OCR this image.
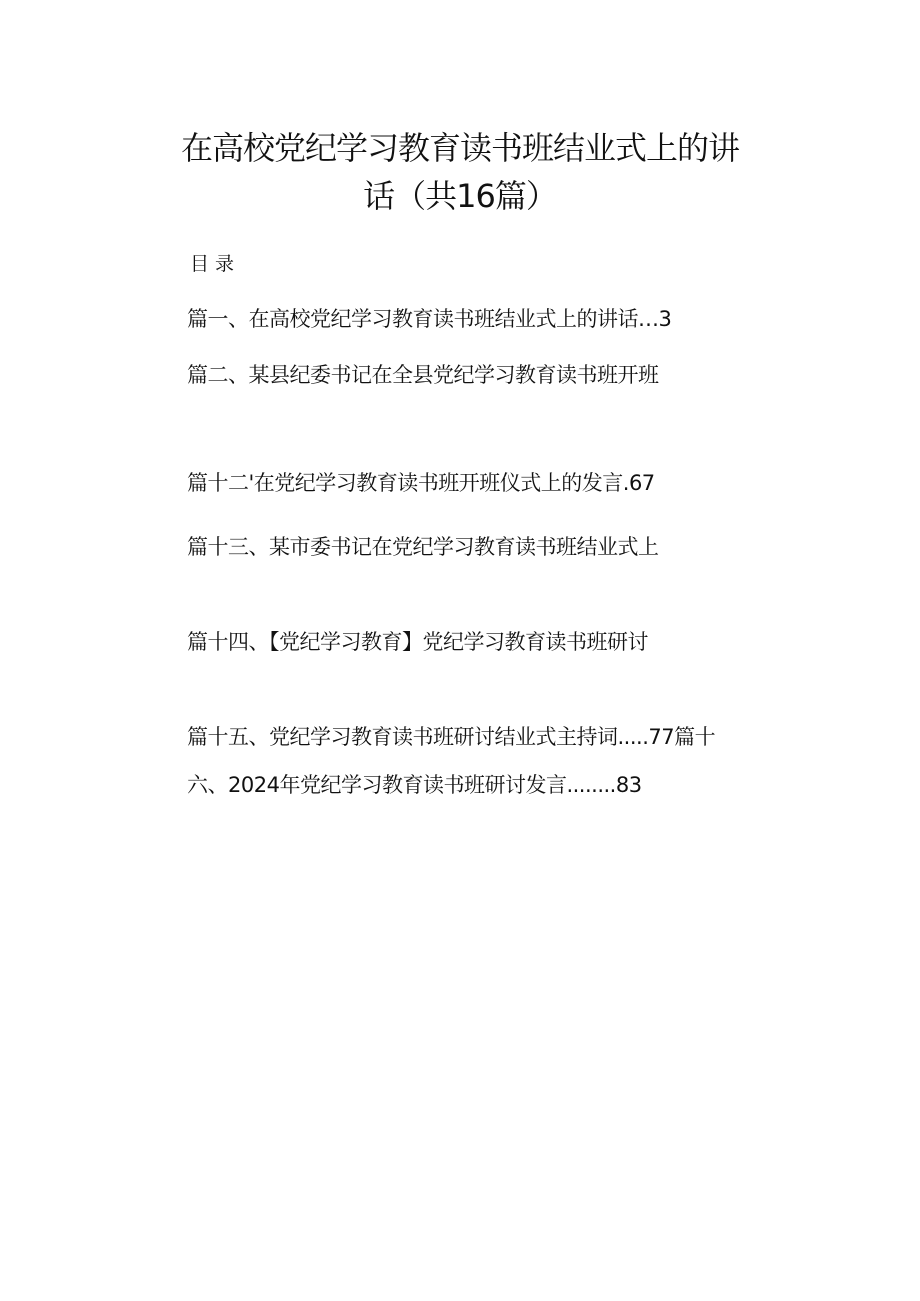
在高校党纪学习教育读书班结业式上的讲
话（共16篇）
目录
篇一、在高校党纪学习教育读书班结业式上的讲话…3
篇二、某县纪委书记在全县党纪学习教育读书班开班
篇十二'在党纪学习教育读书班开班仪式上的发言.67
篇十三、某市委书记在党纪学习教育读书班结业式上
篇十四、【党纪学习教育】党纪学习教育读书班研讨
篇十五、党纪学习教育读书班研讨结业式主持词.....77篇十
六、2024年党纪学习教育读书班研讨发言........83
